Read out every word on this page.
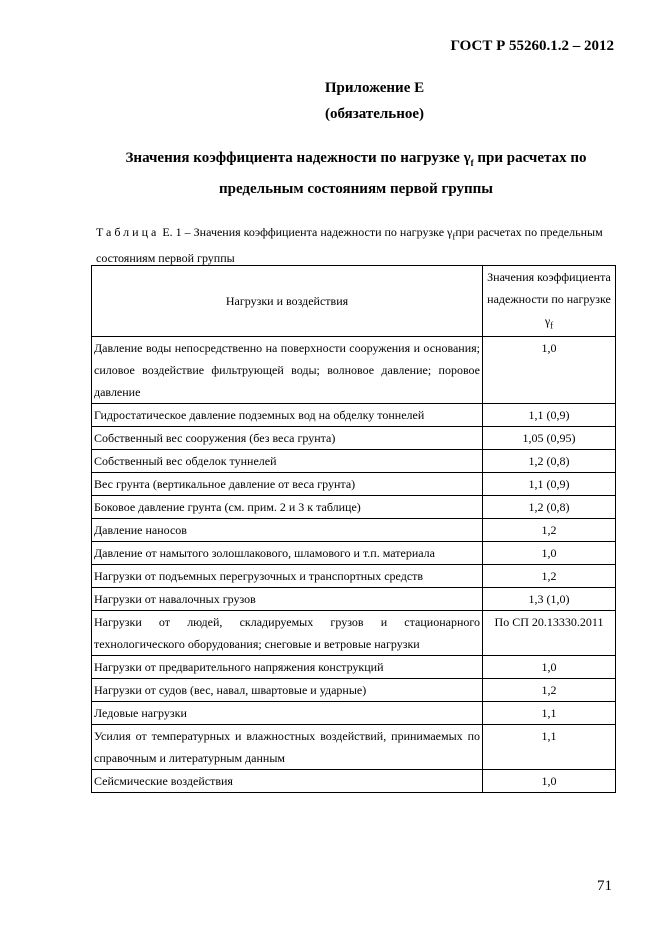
ГОСТ Р 55260.1.2 – 2012
Приложение Е
(обязательное)
Значения коэффициента надежности по нагрузке $\gamma_f$ при расчетах по
предельным состояниям первой группы
Таблица Е. 1 – Значения коэффициента надежности по нагрузке $\gamma_fпри$ расчетах по предельным состояниям первой группы
Нагрузки и воздействия	Значения коэффициента надежности по нагрузке $\gamma_f$
Давление воды непосредственно на поверхности сооружения и основания; силовое воздействие фильтрующей воды; волновое давление; поровое давление	1,0
Гидростатическое давление подземных вод на обделку тоннелей	1,1 (0,9)
Собственный вес сооружения (без веса грунта)	1,05 (0,95)
Собственный вес обделок туннелей	1,2 (0,8)
Вес грунта (вертикальное давление от веса грунта)	1,1 (0,9)
Боковое давление грунта (см. прим. 2 и 3 к таблице)	1,2 (0,8)
Давление наносов	1,2
Давление от намытого золошлакового, шламового и т.п. материала	1,0
Нагрузки от подъемных перегрузочных и транспортных средств	1,2
Нагрузки от навалочных грузов	1,3 (1,0)
Нагрузки от людей, складируемых грузов и стационарного технологического оборудования; снеговые и ветровые нагрузки	По СП 20.13330.2011
Нагрузки от предварительного напряжения конструкций	1,0
Нагрузки от судов (вес, навал, швартовые и ударные)	1,2
Ледовые нагрузки	1,1
Усилия от температурных и влажностных воздействий, принимаемых по справочным и литературным данным	1,1
Сейсмические воздействия	1,0
71
